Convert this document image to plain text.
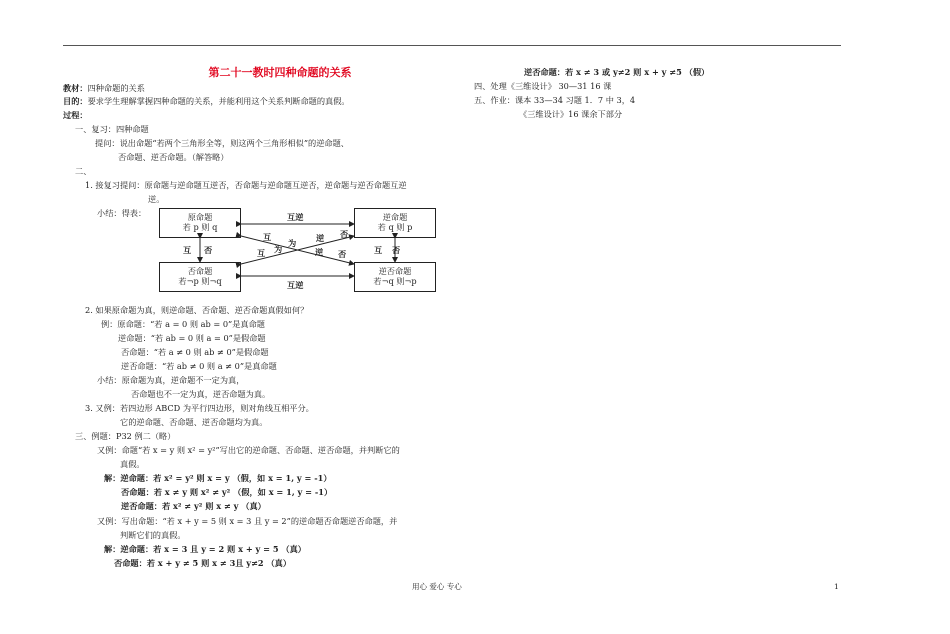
第二十一教时四种命题的关系
教材：四种命题的关系
目的：要求学生理解掌握四种命题的关系，并能利用这个关系判断命题的真假。
过程：
一、复习：四种命题
提问：说出命题“若两个三角形全等，则这两个三角形相似”的逆命题、
否命题、逆否命题。（解答略）
二、
1. 接复习提问：原命题与逆命题互逆否，否命题与逆命题互逆否，逆命题与逆否命题互逆
逆。
小结：得表：	原命题
若 p 则 q
逆命题
若 q 则 p
否命题
若¬p 则¬q
逆否命题
若¬q 则¬p
互逆
互逆
互 否	互 否
互
为 逆 否
互 为	逆 否
2. 如果原命题为真，则逆命题、否命题、逆否命题真假如何？
例：原命题：“若 a = 0 则 ab = 0”是真命题
逆命题：“若 ab = 0 则 a = 0”是假命题
否命题：“若 a ≠ 0 则 ab ≠ 0”是假命题
逆否命题：“若 ab ≠ 0 则 a ≠ 0”是真命题
小结：原命题为真，逆命题不一定为真，
否命题也不一定为真，逆否命题为真。
3. 又例：若四边形 ABCD 为平行四边形，则对角线互相平分。
它的逆命题、否命题、逆否命题均为真。
三、例题：P32 例二（略）
又例：命题“若 x = y 则 x² = y²”写出它的逆命题、否命题、逆否命题，并判断它的
真假。
解：逆命题：若 x² = y² 则 x = y （假，如 x = 1, y = -1）
否命题：若 x ≠ y 则 x² ≠ y² （假，如 x = 1, y = -1）
逆否命题：若 x² ≠ y² 则 x ≠ y （真）
又例：写出命题：“若 x + y = 5 则 x = 3 且 y = 2”的逆命题否命题逆否命题，并
判断它们的真假。
解：逆命题：若 x = 3 且 y = 2 则 x + y = 5 （真）
否命题：若 x + y ≠ 5 则 x ≠ 3且 y≠2 （真）
逆否命题：若 x ≠ 3 或 y≠2 则 x + y ≠5 （假）
四、处理《三维设计》 30—31 16 课
五、作业：课本 33—34 习题 1．7 中 3，4
《三维设计》16 课余下部分
用心 爱心 专心	1
